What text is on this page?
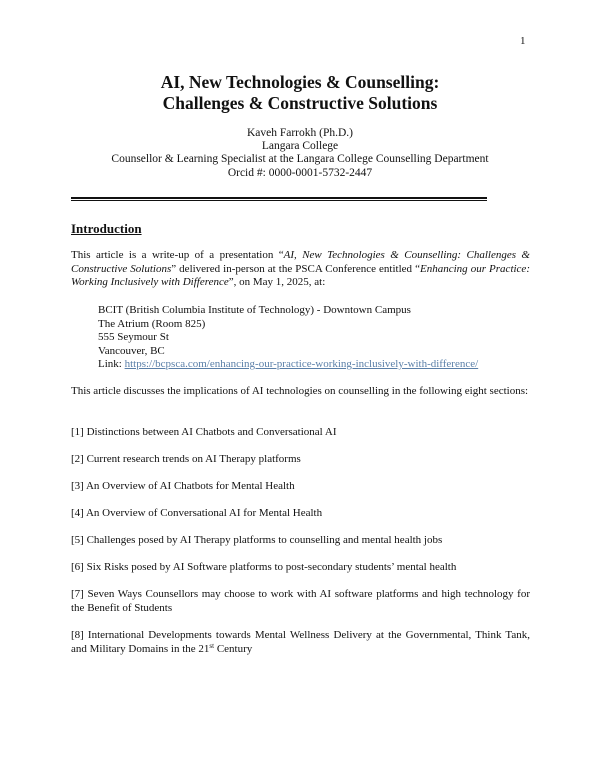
1
AI, New Technologies & Counselling:
Challenges & Constructive Solutions
Kaveh Farrokh (Ph.D.)
Langara College
Counsellor & Learning Specialist at the Langara College Counselling Department
Orcid #: 0000-0001-5732-2447
Introduction
This article is a write-up of a presentation “AI, New Technologies & Counselling: Challenges & Constructive Solutions” delivered in-person at the PSCA Conference entitled “Enhancing our Practice: Working Inclusively with Difference”, on May 1, 2025, at:
BCIT (British Columbia Institute of Technology) - Downtown Campus
The Atrium (Room 825)
555 Seymour St
Vancouver, BC
Link: https://bcpsca.com/enhancing-our-practice-working-inclusively-with-difference/
This article discusses the implications of AI technologies on counselling in the following eight sections:
[1] Distinctions between AI Chatbots and Conversational AI
[2] Current research trends on AI Therapy platforms
[3] An Overview of AI Chatbots for Mental Health
[4] An Overview of Conversational AI for Mental Health
[5] Challenges posed by AI Therapy platforms to counselling and mental health jobs
[6] Six Risks posed by AI Software platforms to post-secondary students’ mental health
[7] Seven Ways Counsellors may choose to work with AI software platforms and high technology for the Benefit of Students
[8] International Developments towards Mental Wellness Delivery at the Governmental, Think Tank, and Military Domains in the 21st Century
